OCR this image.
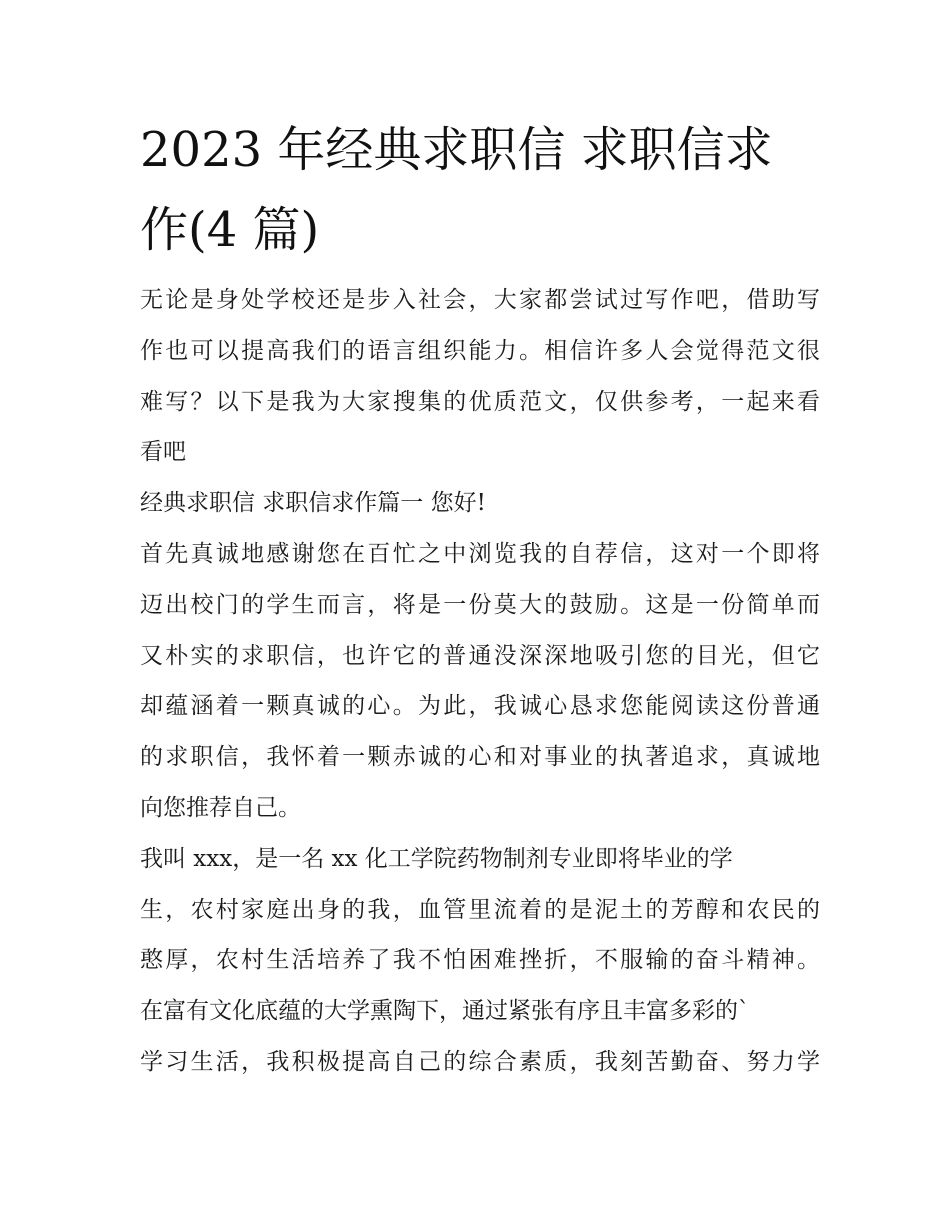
2023 年经典求职信 求职信求
作(4 篇)
无论是身处学校还是步入社会，大家都尝试过写作吧，借助写
作也可以提高我们的语言组织能力。相信许多人会觉得范文很
难写？以下是我为大家搜集的优质范文，仅供参考，一起来看
看吧
经典求职信 求职信求作篇一 您好!
首先真诚地感谢您在百忙之中浏览我的自荐信，这对一个即将
迈出校门的学生而言，将是一份莫大的鼓励。这是一份简单而
又朴实的求职信，也许它的普通没深深地吸引您的目光，但它
却蕴涵着一颗真诚的心。为此，我诚心恳求您能阅读这份普通
的求职信，我怀着一颗赤诚的心和对事业的执著追求，真诚地
向您推荐自己。
我叫 xxx，是一名 xx 化工学院药物制剂专业即将毕业的学
生，农村家庭出身的我，血管里流着的是泥土的芳醇和农民的
憨厚，农村生活培养了我不怕困难挫折，不服输的奋斗精神。
在富有文化底蕴的大学熏陶下，通过紧张有序且丰富多彩的`
学习生活，我积极提高自己的综合素质，我刻苦勤奋、努力学
